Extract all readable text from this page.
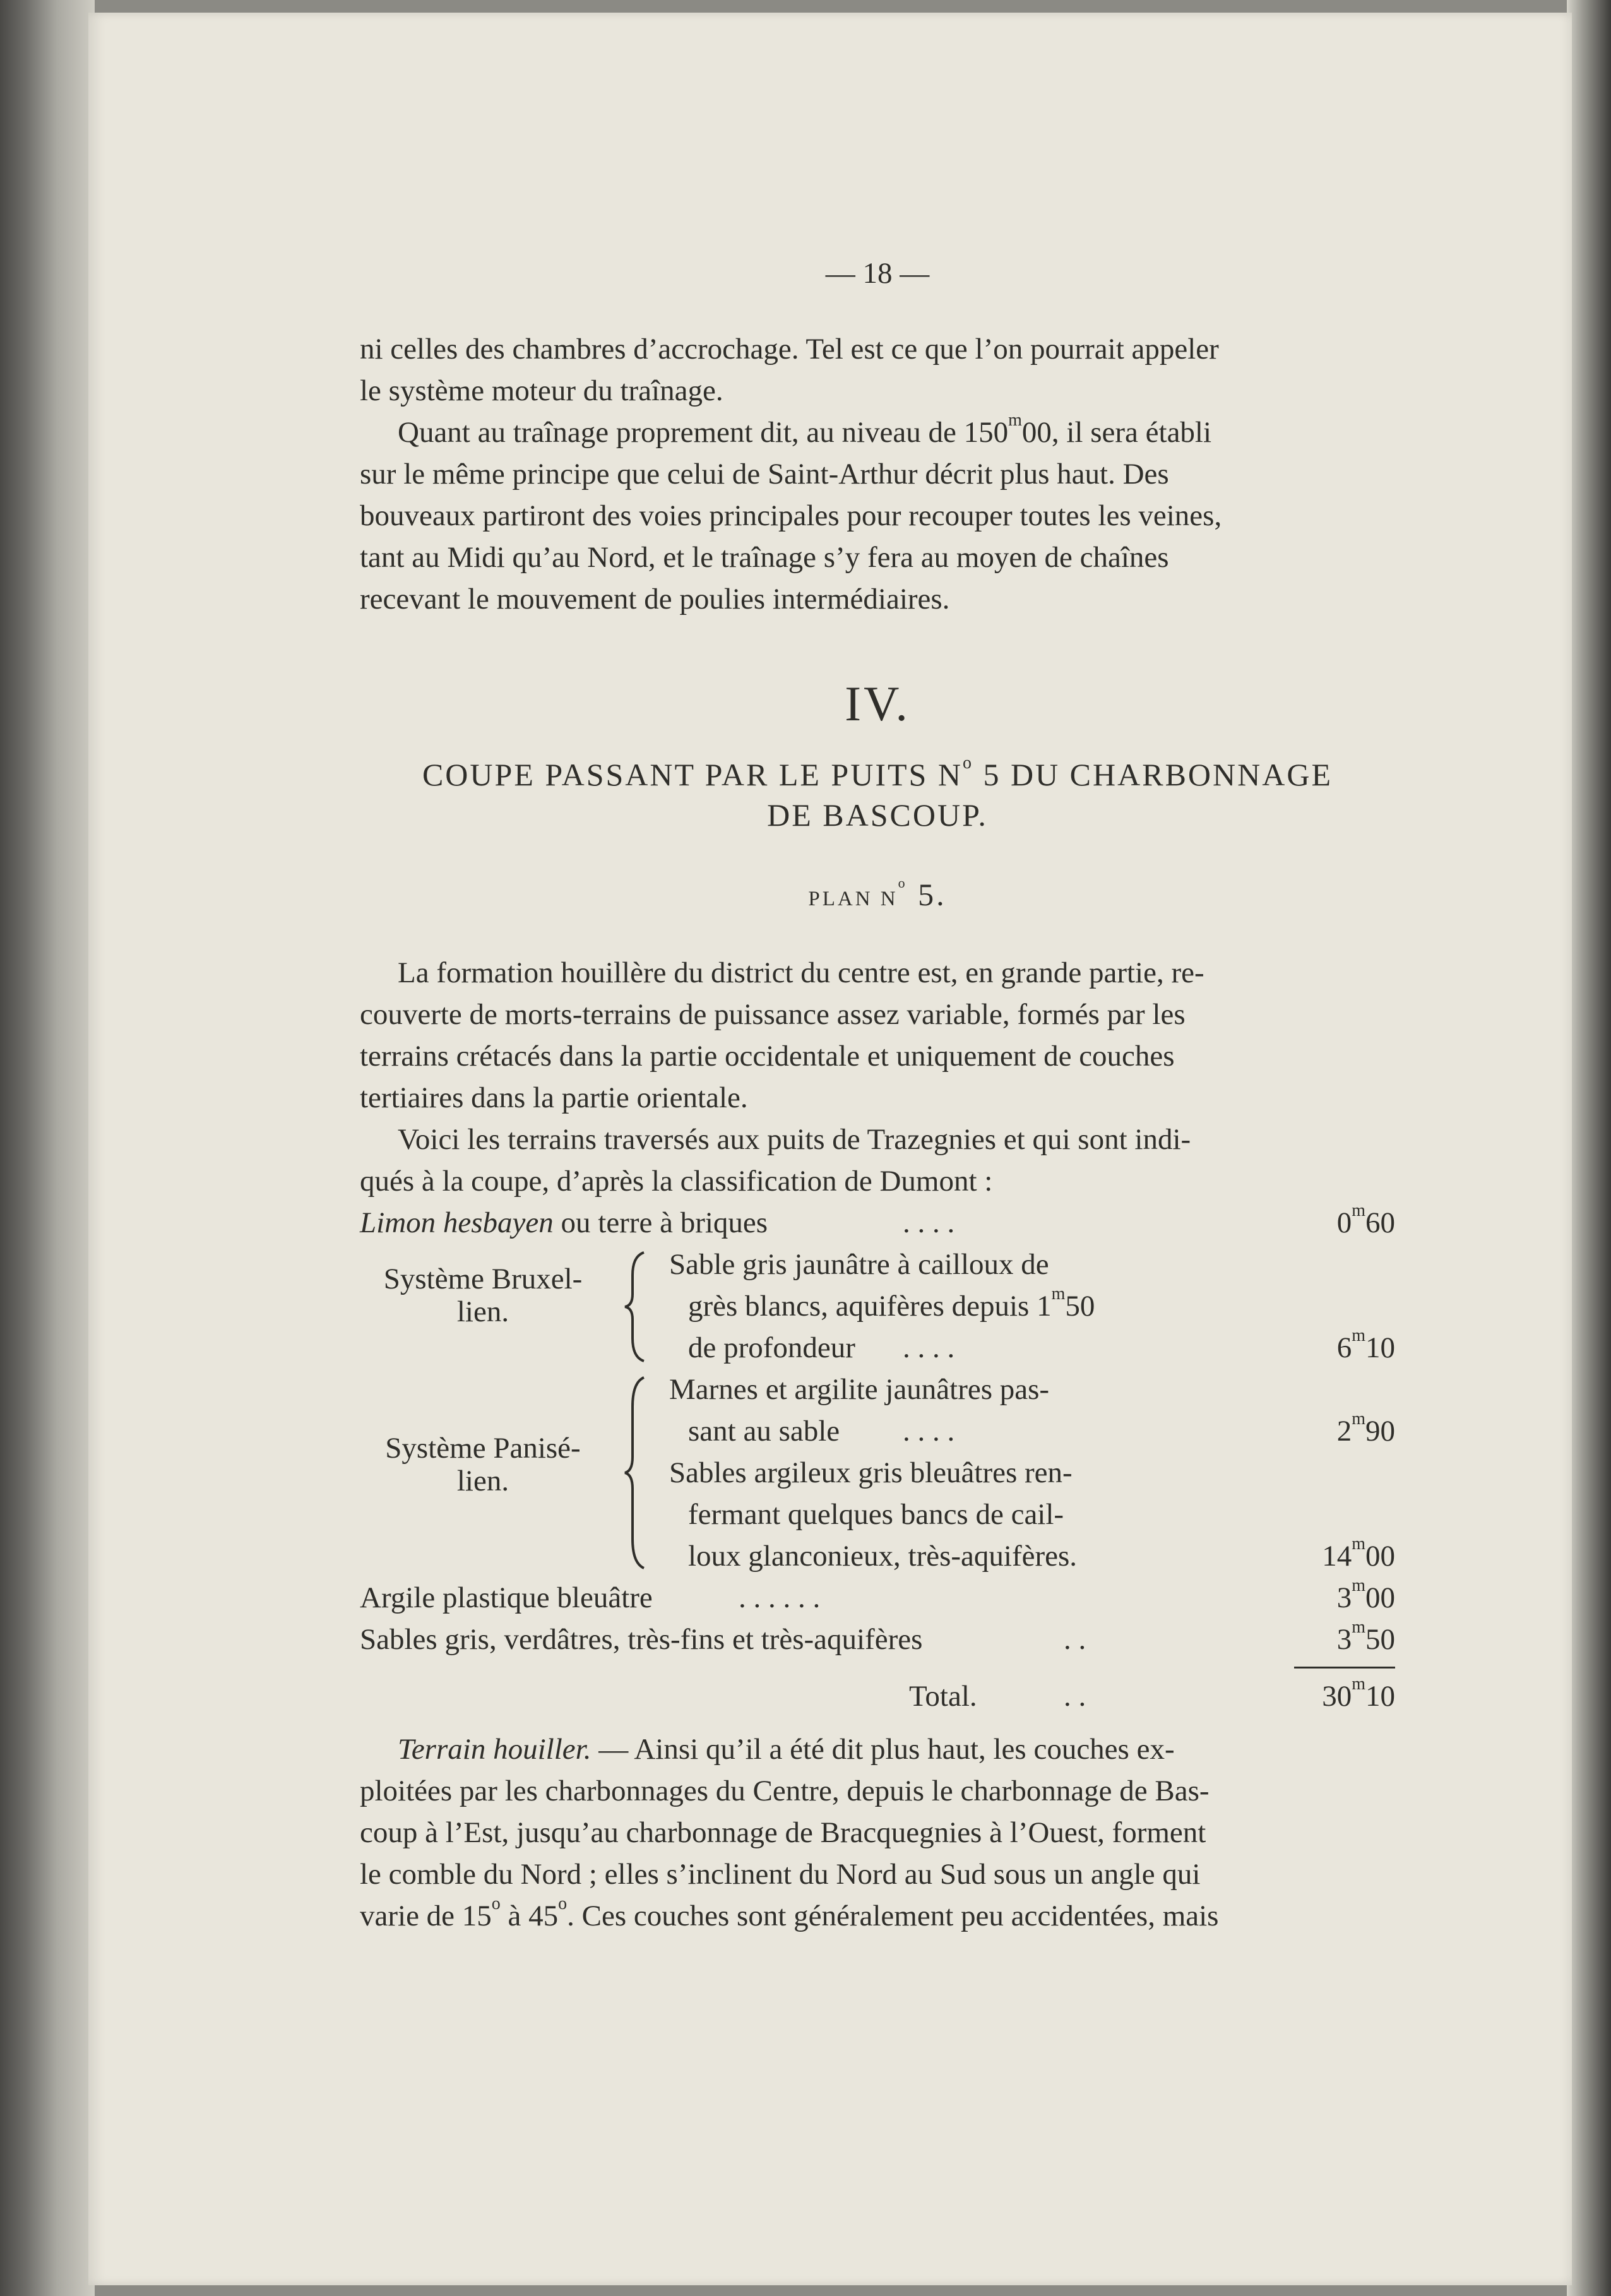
— 18 —
ni celles des chambres d’accrochage. Tel est ce que l’on pourrait appeler
le système moteur du traînage.
Quant au traînage proprement dit, au niveau de 150$^m$00, il sera établi
sur le même principe que celui de Saint-Arthur décrit plus haut. Des
bouveaux partiront des voies principales pour recouper toutes les veines,
tant au Midi qu’au Nord, et le traînage s’y fera au moyen de chaînes
recevant le mouvement de poulies intermédiaires.
IV.
COUPE PASSANT PAR LE PUITS $N^o$ 5 DU CHARBONNAGE
DE BASCOUP.
PLAN $N^o$ 5.
La formation houillère du district du centre est, en grande partie, re-
couverte de morts-terrains de puissance assez variable, formés par les
terrains crétacés dans la partie occidentale et uniquement de couches
tertiaires dans la partie orientale.
Voici les terrains traversés aux puits de Trazegnies et qui sont indi-
qués à la coupe, d’après la classification de Dumont :
Limon hesbayen ou terre à briques	. . . .	0$^m$60
Système Bruxel-
lien.
Sable gris jaunâtre à cailloux de
grès blancs, aquifères depuis 1$^m$50
de profondeur . . . .	6$^m$10
Système Panisé-
lien.
Marnes et argilite jaunâtres pas-
sant au sable . . . .	2$^m$90
Sables argileux gris bleuâtres ren-
fermant quelques bancs de cail-
loux glanconieux, très-aquifères.	14$^m$00
Argile plastique bleuâtre	. . . . . .	3$^m$00
Sables gris, verdâtres, très-fins et très-aquifères	. .	3$^m$50
Total.	. .	30$^m$10
Terrain houiller. — Ainsi qu’il a été dit plus haut, les couches ex-
ploitées par les charbonnages du Centre, depuis le charbonnage de Bas-
coup à l’Est, jusqu’au charbonnage de Bracquegnies à l’Ouest, forment
le comble du Nord ; elles s’inclinent du Nord au Sud sous un angle qui
varie de 15$^o$ à 45$^o$. Ces couches sont généralement peu accidentées, mais
